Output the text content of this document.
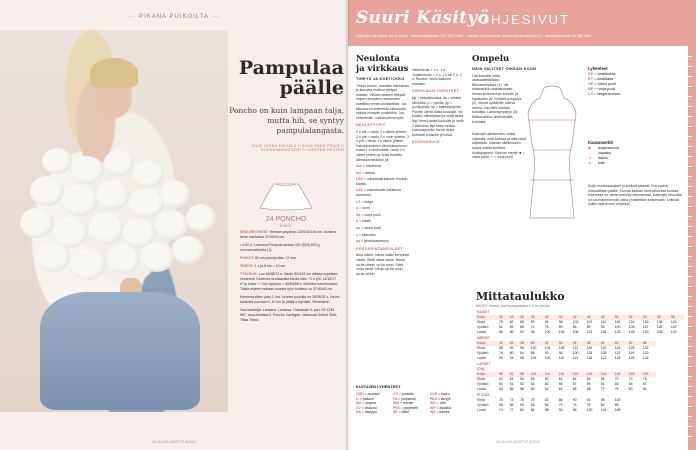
— PIKANA PUIKOILTA —
Pampulaa
päälle
Poncho on kuin lampaan talja, mutta hih, se syntyy pampulalangasta.
OHJE LEENA KIEVÄLÄ // KUVA PANU PÄIVÄ // KUVAUSASSISTENTTI KIRSTEN HESTEN
24 PONCHO
KOKO:

NEULEEN MITAT: Helman ympärys 120/130/140 cm, korkeus ilman kauluksia 37/40/43 cm.

LANKA: Lankava Pampula-lankaa 400 (500) 600 g luonnonvalkoista (1).

PUIKOT: 80 cm pyöröpuikko 12 mm.

TIHEYS: 1 s ja 8 krs = 10 cm

TYÖOHJE: Luo 64/68/72 s. Neulo 9/10/11 krs oikeaa sujuttaen neuleena. Kavenna seuraavalla krs:lla näin: *2 o yht, 14/16/17 o* ja toista *–* krs loppuun = 60/64/68 s. Merkitse kavennukset. Toista ohjeen mukaan kunnes työn korkeus on 37/40/43 cm.

Kavenna sitten joka 2. krs, kunnes puikolla on 28/28/32 s. Neulo kaulusta suoraan n. 10 cm ja päätä s löyhästi. Viimeistele.

Sauvastekijät: Lankava. Lankava, Ostoskatu 9, puh. 09 1234 567, www.lankava.fi. Poncho Cardigan, valokuvat Oxford Shirt, Tillaa Trend.

24 SUURI KÄSITYÖ 8/2019
Suuri Käsityö
OHJESIVUT
Ohjeiden tarkistus: Eeva Kevä · Neuvontapalvelu 020 333 4455 · Lehden kysymykset: palvelu@suurikasityo.fi · Asiakaspalvelu 09 156 665
Neulonta ja virkkaus
TIHEYS JA KOETILKKU

Tiheys kertoo, montako silmukkaa ja kerrosta mahtuu tiettyyn mittaan. Vertaa neuleen tiheyttä ohjeen tiheyteen neulomalla koetilkku ennen aloittamista. Jos tilkussa on enemmän silmukoita, vaihda isompiin puikkoihin. Jos vähemmän, vaihda pienempiin.

NEULETYYPIT

2 o yht = neulo 2 s oikein yhteen. 2 n yht = neulo 2 s nurin yhteen. 3 o yht = neulo 3 s oikein yhteen. Kaksinkertainen ylivetokavennus: nosta 1 s neulomatta, neulo 2 s oikein yhteen ja vedä nostettu silmukka neulotun yli.

kkh = kavennus

krs = kerros

LSO = silmukkaa kahden koukun kautta

LSS = vasemmalle kallistuva kavennus

LS = lisäys

n = nurin

np = nurja puoli

o = oikein

op = oikea puoli

s = silmukka

yk = ylivetokavennus

PERUSPINTANEULEET

Aina oikein: Neulo kaikki kerrokset oikein. Sileä oikea neule: Neulo op:lla oikein, np:lla nurin. Sileä nurja neule: Neulo op:lla nurin, np:lla oikein.

Helmineule = 1 o, 1 n. Joustinneule = 1 o, 1 n tai 2 o, 2 n. Ruudut: neulo kaavion mukaan.

VIRKKAUSLYHENTEET

kjs = ketjusilmukka. ks = kiinteä silmukka. p = pylväs. pp = puolipylväs. kp = kaksoispylväs. Pylväs: kierrä lanka koukulle, vie koukku silmukkaan ja vedä lanka läpi, kierrä lanka koukulle ja vedä 2 silmukan läpi kaksi kertaa. Kaksoispylväs: kierrä lanka kahdesti koukulle ja toista.

KUVIONEULE
KUITUJEN LYHENTEET
CMD = modaali	CO = puuvilla	CUP = kupro
LI = pellava	PA = polyamidi	PAN = akryyli
WA = angora	WM = mohair	WO = villa
CV = viskoosi	PES = polyesteri	WP = alpakka
HA = hamppu	SE = silkki	WK = kameli
Ompelu
NÄIN VALITSET OIKEAN KOON

Ota itsestäsi mitat alusvaatteisillaan. Rinnanympärys (1): Vie mittanauha vaakasuoraan rinnan korkeimman kohdan ja lapaluiden yli. Vyötärönympärys (2): Kiristä vyötärölle tukeva nauha, ota mitta nauhan kohdalta. Lantionympärys (3): Mittaa lantion leveimmältä kohdalta.

Kaavojen piirtäminen: Kaksi ohjeesta, mitä kaavaa ja mitä väriä käytetään. Kaavan siirtämiseen kaava-arkilta tarvitset kuultopaperin. Kaavan merkit: ■ = oikea puoli, □ = nurja puoli.

Lyhenteet
KE = keskikohta
KT = keskitaka
OP = oikea puoli
NP = nurja puoli
LS = langansuunta
Kaavamerkit
⇆ langansuunta
↔ napakko
⊣ laskos
◁ taite
Sulje muotolaskokset ja yhdistä saumat. Pue kaava ulosvalittaen päälle. Korvaa kaavan luonnollisessa koossa. Kaavassa on vieriin merkitty saumavarat. Kaavojen reunoilla on saumamerkinnät, jotka yhdistetään keskenään. Leikkaa kaikki osat ennen ompelua.
Mittataulukko
NAISET: Kaavat ovat Eurooppalaisia n. 6 cm pituisia
NAISET														
Koko	32	34	36	38	40	42	44	46	48	50	52	54	56	58
Rinta	78	82	85	90	94	98	102	107	112	118	124	130	136	142
Vyötärö	62	65	68	72	76	80	84	89	95	100	106	112	118	124
Lantio	86	89	92	96	100	104	108	113	118	123	128	133	138	143
MIEHET														
Koko	44	46	48	50	52	54	56	58	60	62	64	66		
Rinta	88	92	96	100	104	108	112	116	120	124	128	132		
Vyötärö	76	80	84	88	92	96	100	104	108	112	116	120		
Lantio	90	94	98	102	106	110	114	118	122	126	130	134		
LAPSET (CM)														
Koko	86	92	98	104	110	116	122	128	134	140	146	152		
Rinta	52	54	56	58	60	62	64	66	68	70	72	76		
Vyötärö	50	51	52	53	54	55	57	59	61	63	65	67		
Lantio	54	56	58	60	62	64	66	68	72	76	80	84		
PITUUS														
Rinta	70	73	76	79	82	86	90	94	98	102				
Vyötärö	56	58	60	63	66	70	74	78	82	86				
Lantio	74	77	80	84	88	92	96	100	104	108				
25 SUURI KÄSITYÖ 8/2019
